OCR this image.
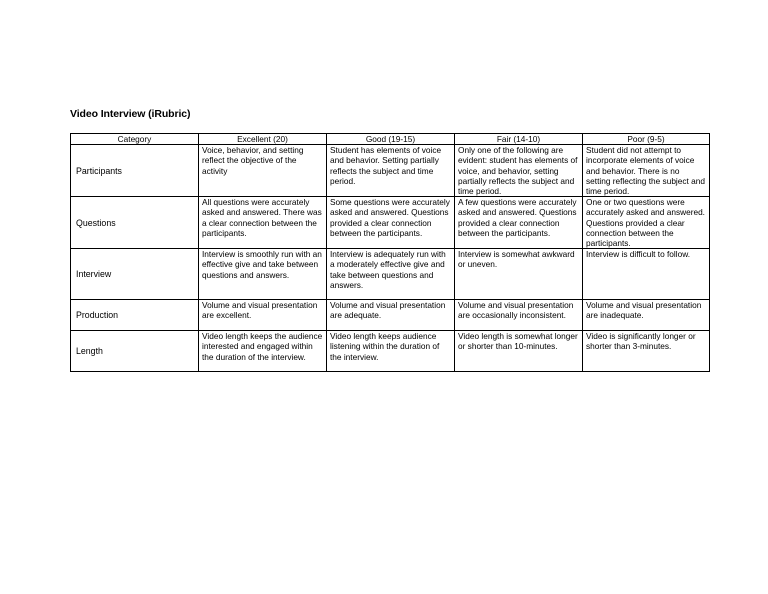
Video Interview (iRubric)
Category	Excellent (20)	Good (19-15)	Fair (14-10)	Poor (9-5)
Participants	Voice, behavior, and setting reflect the objective of the activity	Student has elements of voice and behavior. Setting partially reflects the subject and time period.	Only one of the following are evident: student has elements of voice, and behavior, setting partially reflects the subject and time period.	Student did not attempt to incorporate elements of voice and behavior. There is no setting reflecting the subject and time period.
Questions	All questions were accurately asked and answered. There was a clear connection between the participants.	Some questions were accurately asked and answered. Questions provided a clear connection between the participants.	A few questions were accurately asked and answered. Questions provided a clear connection between the participants.	One or two questions were accurately asked and answered. Questions provided a clear connection between the participants.
Interview	Interview is smoothly run with an effective give and take between questions and answers.	Interview is adequately run with a moderately effective give and take between questions and answers.	Interview is somewhat awkward or uneven.	Interview is difficult to follow.
Production	Volume and visual presentation are excellent.	Volume and visual presentation are adequate.	Volume and visual presentation are occasionally inconsistent.	Volume and visual presentation are inadequate.
Length	Video length keeps the audience interested and engaged within the duration of the interview.	Video length keeps audience listening within the duration of the interview.	Video length is somewhat longer or shorter than 10-minutes.	Video is significantly longer or shorter than 3-minutes.
